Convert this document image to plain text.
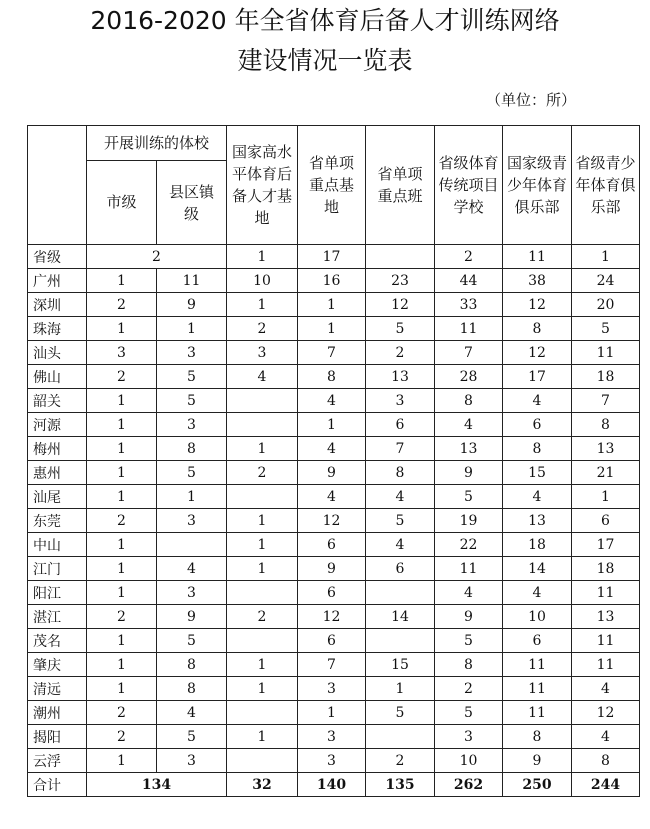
2016-2020 年全省体育后备人才训练网络
建设情况一览表
（单位：所）
	开展训练的体校		国家高水平体育后备人才基地	省单项重点基地	省单项重点班	省级体育传统项目学校	国家级青少年体育俱乐部	省级青少年体育俱乐部
	市级	县区镇级						
省级	2		1	17		2	11	1
广州	1	11	10	16	23	44	38	24
深圳	2	9	1	1	12	33	12	20
珠海	1	1	2	1	5	11	8	5
汕头	3	3	3	7	2	7	12	11
佛山	2	5	4	8	13	28	17	18
韶关	1	5		4	3	8	4	7
河源	1	3		1	6	4	6	8
梅州	1	8	1	4	7	13	8	13
惠州	1	5	2	9	8	9	15	21
汕尾	1	1		4	4	5	4	1
东莞	2	3	1	12	5	19	13	6
中山	1		1	6	4	22	18	17
江门	1	4	1	9	6	11	14	18
阳江	1	3		6		4	4	11
湛江	2	9	2	12	14	9	10	13
茂名	1	5		6		5	6	11
肇庆	1	8	1	7	15	8	11	11
清远	1	8	1	3	1	2	11	4
潮州	2	4		1	5	5	11	12
揭阳	2	5	1	3		3	8	4
云浮	1	3		3	2	10	9	8
合计	134		32	140	135	262	250	244
